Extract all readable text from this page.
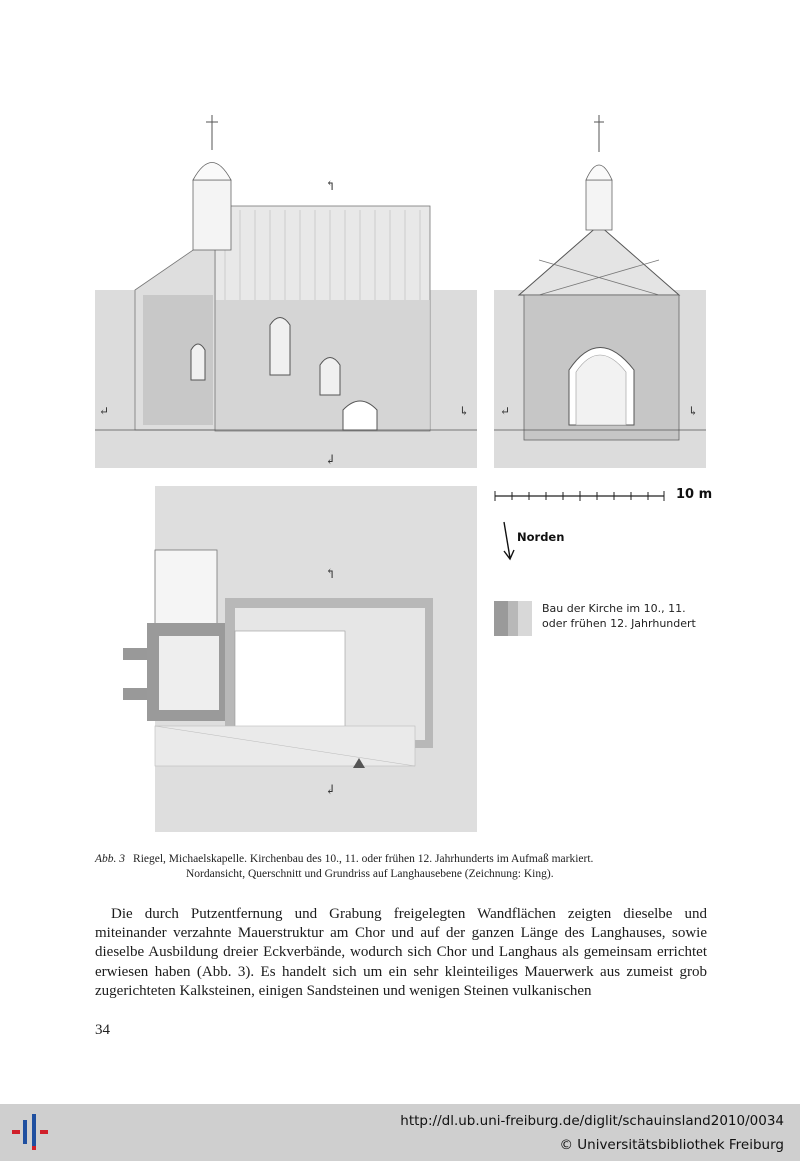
↰
↲
↵	↳	↵	↳
↰
↲
10 m
Norden
Bau der Kirche im 10., 11. oder frühen 12. Jahrhundert
Abb. 3 Riegel, Michaelskapelle. Kirchenbau des 10., 11. oder frühen 12. Jahrhunderts im Aufmaß markiert.
Nordansicht, Querschnitt und Grundriss auf Langhausebene (Zeichnung: King).
Die durch Putzentfernung und Grabung freigelegten Wandflächen zeigten dieselbe und miteinander verzahnte Mauerstruktur am Chor und auf der ganzen Länge des Langhauses, sowie dieselbe Ausbildung dreier Eckverbände, wodurch sich Chor und Langhaus als gemeinsam errichtet erwiesen haben (Abb. 3). Es handelt sich um ein sehr kleinteiliges Mauerwerk aus zumeist grob zugerichteten Kalksteinen, einigen Sandsteinen und wenigen Steinen vulkanischen
34
http://dl.ub.uni-freiburg.de/diglit/schauinsland2010/0034
© Universitätsbibliothek Freiburg
